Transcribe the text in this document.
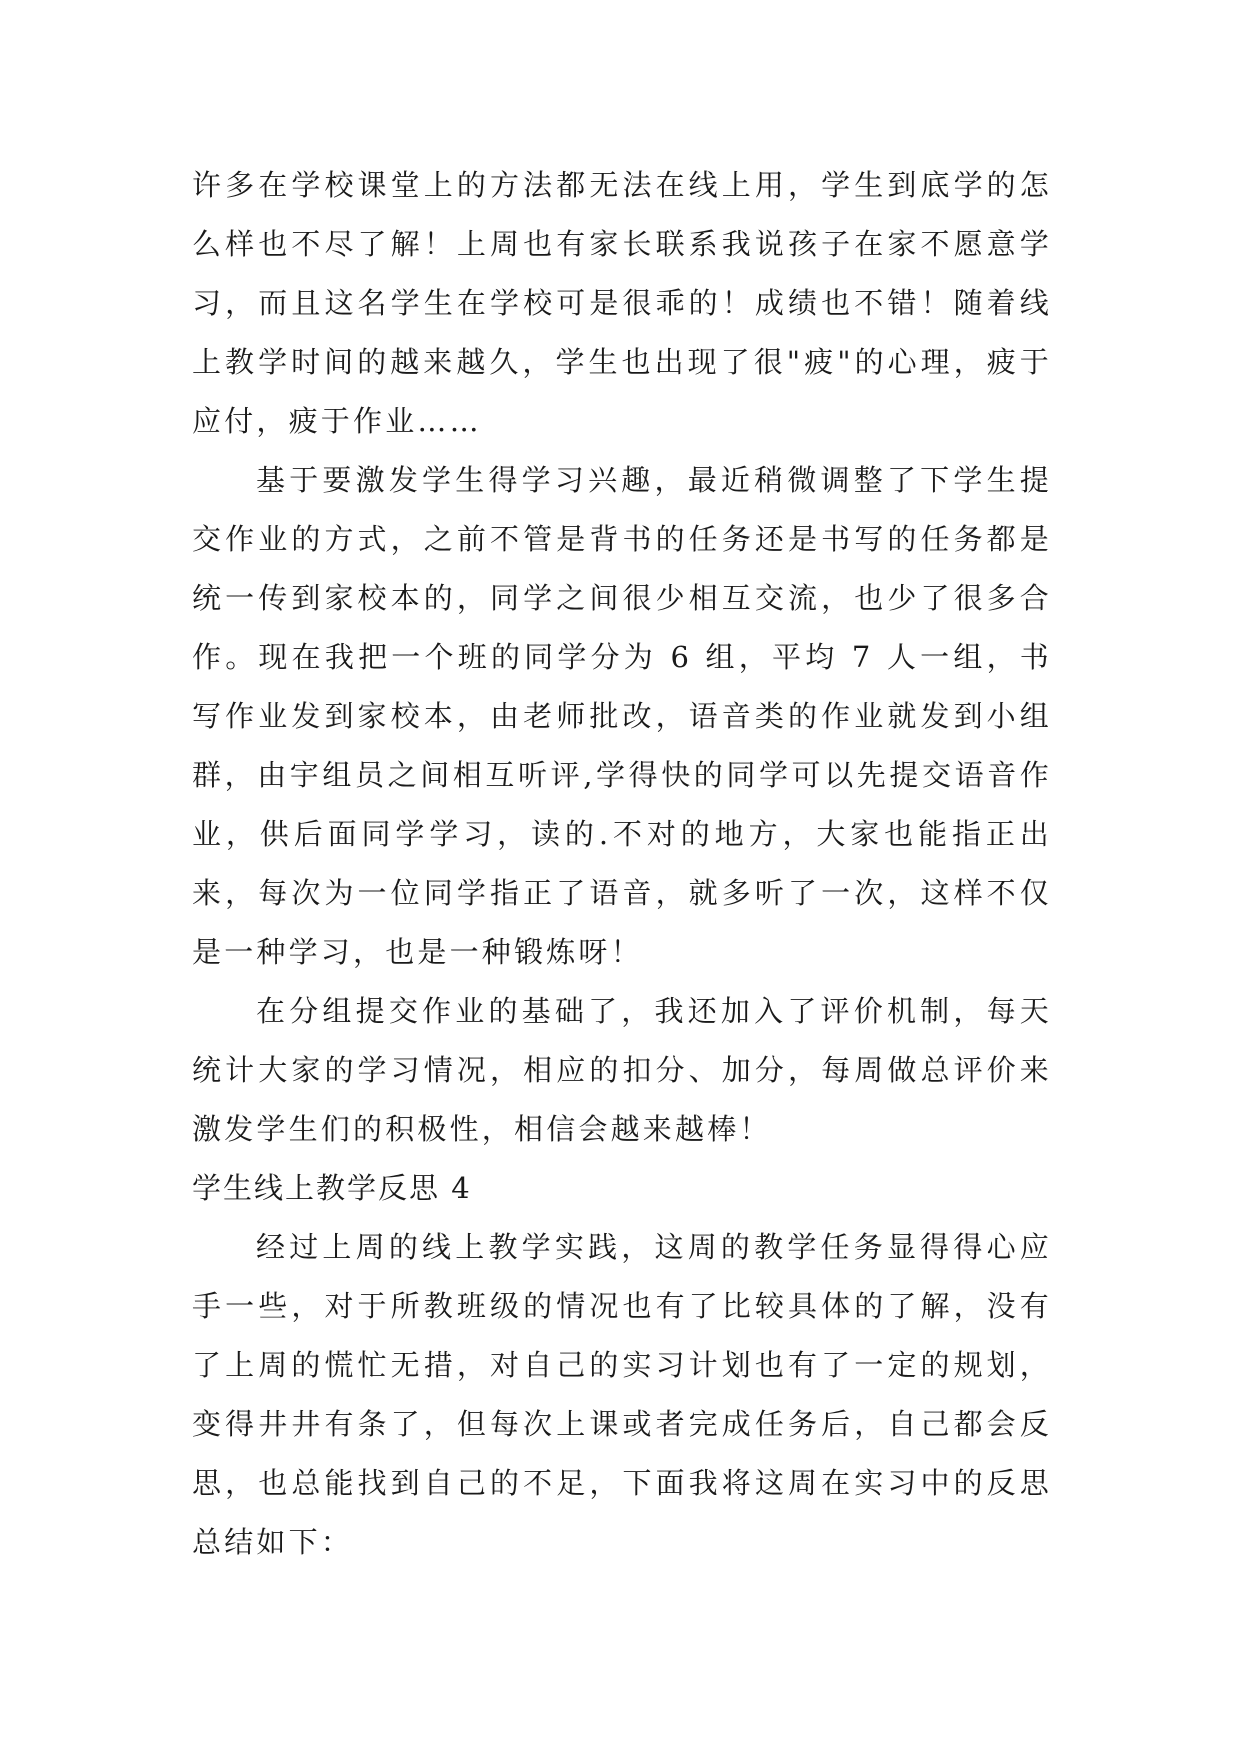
许多在学校课堂上的方法都无法在线上用，学生到底学的怎么样也不尽了解！上周也有家长联系我说孩子在家不愿意学习，而且这名学生在学校可是很乖的！成绩也不错！随着线上教学时间的越来越久，学生也出现了很"疲"的心理，疲于应付，疲于作业……

基于要激发学生得学习兴趣，最近稍微调整了下学生提交作业的方式，之前不管是背书的任务还是书写的任务都是统一传到家校本的，同学之间很少相互交流，也少了很多合作。现在我把一个班的同学分为 6 组，平均 7 人一组，书写作业发到家校本，由老师批改，语音类的作业就发到小组群，由宇组员之间相互听评,学得快的同学可以先提交语音作业，供后面同学学习，读的.不对的地方，大家也能指正出来，每次为一位同学指正了语音，就多听了一次，这样不仅是一种学习，也是一种锻炼呀！

在分组提交作业的基础了，我还加入了评价机制，每天统计大家的学习情况，相应的扣分、加分，每周做总评价来激发学生们的积极性，相信会越来越棒！

学生线上教学反思 4

经过上周的线上教学实践，这周的教学任务显得得心应手一些，对于所教班级的情况也有了比较具体的了解，没有了上周的慌忙无措，对自己的实习计划也有了一定的规划，变得井井有条了，但每次上课或者完成任务后，自己都会反思，也总能找到自己的不足，下面我将这周在实习中的反思总结如下：
